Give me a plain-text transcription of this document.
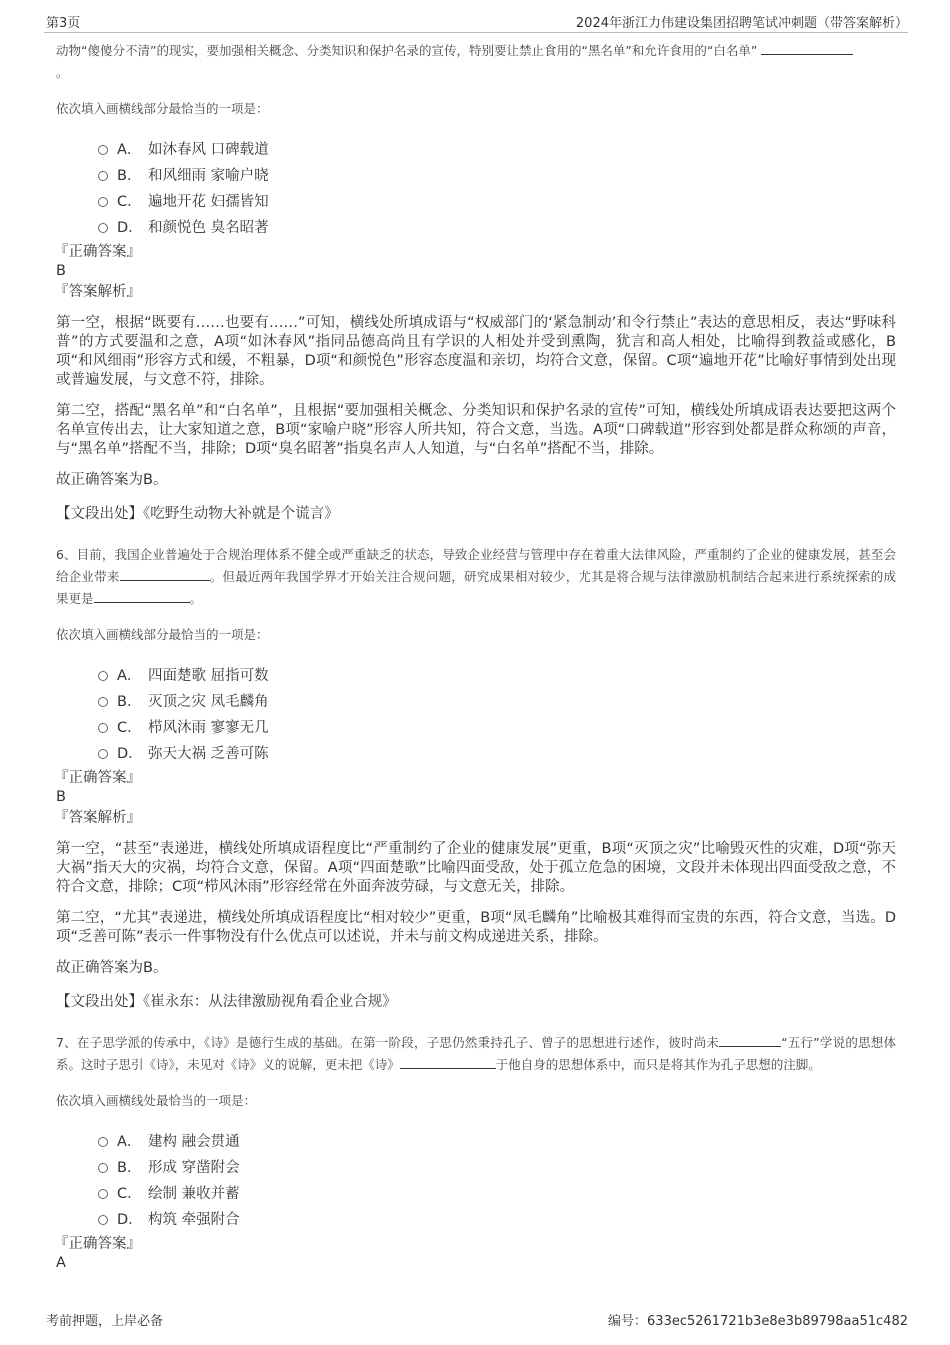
第3页	2024年浙江力伟建设集团招聘笔试冲刺题（带答案解析）
动物“傻傻分不清”的现实，要加强相关概念、分类知识和保护名录的宣传，特别要让禁止食用的“黑名单”和允许食用的“白名单”
。
依次填入画横线部分最恰当的一项是：
A． 如沐春风 口碑载道
B． 和风细雨 家喻户晓
C． 遍地开花 妇孺皆知
D． 和颜悦色 臭名昭著
『正确答案』
B
『答案解析』
第一空，根据“既要有……也要有……”可知，横线处所填成语与“权威部门的‘紧急制动’和令行禁止”表达的意思相反，表达“野味科普”的方式要温和之意，A项“如沐春风”指同品德高尚且有学识的人相处并受到熏陶，犹言和高人相处，比喻得到教益或感化，B项“和风细雨”形容方式和缓，不粗暴，D项“和颜悦色”形容态度温和亲切，均符合文意，保留。C项“遍地开花”比喻好事情到处出现或普遍发展，与文意不符，排除。
第二空，搭配“黑名单”和“白名单”，且根据“要加强相关概念、分类知识和保护名录的宣传”可知，横线处所填成语表达要把这两个名单宣传出去，让大家知道之意，B项“家喻户晓”形容人所共知，符合文意，当选。A项“口碑载道”形容到处都是群众称颂的声音，与“黑名单”搭配不当，排除；D项“臭名昭著”指臭名声人人知道，与“白名单”搭配不当，排除。
故正确答案为B。
【文段出处】《吃野生动物大补就是个谎言》
6、目前，我国企业普遍处于合规治理体系不健全或严重缺乏的状态，导致企业经营与管理中存在着重大法律风险，严重制约了企业的健康发展，甚至会给企业带来	。但最近两年我国学界才开始关注合规问题，研究成果相对较少，尤其是将合规与法律激励机制结合起来进行系统探索的成果更是	。
依次填入画横线部分最恰当的一项是：
A． 四面楚歌 屈指可数
B． 灭顶之灾 凤毛麟角
C． 栉风沐雨 寥寥无几
D． 弥天大祸 乏善可陈
『正确答案』
B
『答案解析』
第一空，“甚至”表递进，横线处所填成语程度比“严重制约了企业的健康发展”更重，B项“灭顶之灾”比喻毁灭性的灾难，D项“弥天大祸”指天大的灾祸，均符合文意，保留。A项“四面楚歌”比喻四面受敌，处于孤立危急的困境，文段并未体现出四面受敌之意，不符合文意，排除；C项“栉风沐雨”形容经常在外面奔波劳碌，与文意无关，排除。
第二空，“尤其”表递进，横线处所填成语程度比“相对较少”更重，B项“凤毛麟角”比喻极其难得而宝贵的东西，符合文意，当选。D项“乏善可陈”表示一件事物没有什么优点可以述说，并未与前文构成递进关系，排除。
故正确答案为B。
【文段出处】《崔永东：从法律激励视角看企业合规》
7、在子思学派的传承中，《诗》是德行生成的基础。在第一阶段，子思仍然秉持孔子、曾子的思想进行述作，彼时尚未	“五行”学说的思想体系。这时子思引《诗》，未见对《诗》义的说解，更未把《诗》	于他自身的思想体系中，而只是将其作为孔子思想的注脚。
依次填入画横线处最恰当的一项是：
A． 建构 融会贯通
B． 形成 穿凿附会
C． 绘制 兼收并蓄
D． 构筑 牵强附合
『正确答案』
A
考前押题，上岸必备	编号：633ec5261721b3e8e3b89798aa51c482
